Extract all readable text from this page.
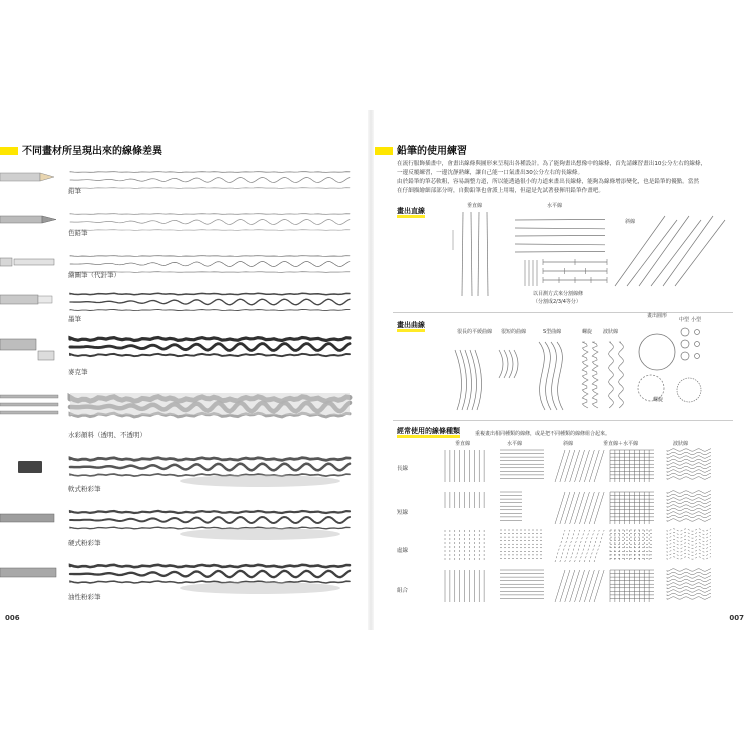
不同畫材所呈現出來的線條差異
鉛筆
色鉛筆
繪圖筆（代針筆）
墨筆
麥克筆
水彩顏料（透明、不透明）
軟式粉彩筆
硬式粉彩筆
油性粉彩筆
006
鉛筆的使用練習
在流行服飾插畫中，會畫出線條與圖形來呈現出各種設計。為了能夠畫出想像中的線條，首先請練習畫出10公分左右的線條，
一邊反覆練習，一邊沈靜熟練，讓自己能一口氣畫出30公分左右的長線條。
由於鉛筆的筆芯軟粗，容易調整力道，所以能透過很小的力道來畫出長線條，能夠為線條增添變化，也是鉛筆的優點。當然
在仔細描繪細部部分時，自動鉛筆也會派上用場，但還是先試著發揮用鉛筆作畫吧。
畫出直線
垂直線	水平線
斜線
以目測方式來分割線條
（分割成2/3/4等分）
畫出曲線
很長的平緩曲線 很短的曲線	S型曲線	螺旋 波狀線
畫出圓形
中型 小型
螺旋
經常使用的線條種類	重複畫出相同種類的線條，或是把不同種類的線條組合起來。
垂直線	水平線	斜線	垂直線＋水平線	波狀線
長線
短線
虛線
組合
007
